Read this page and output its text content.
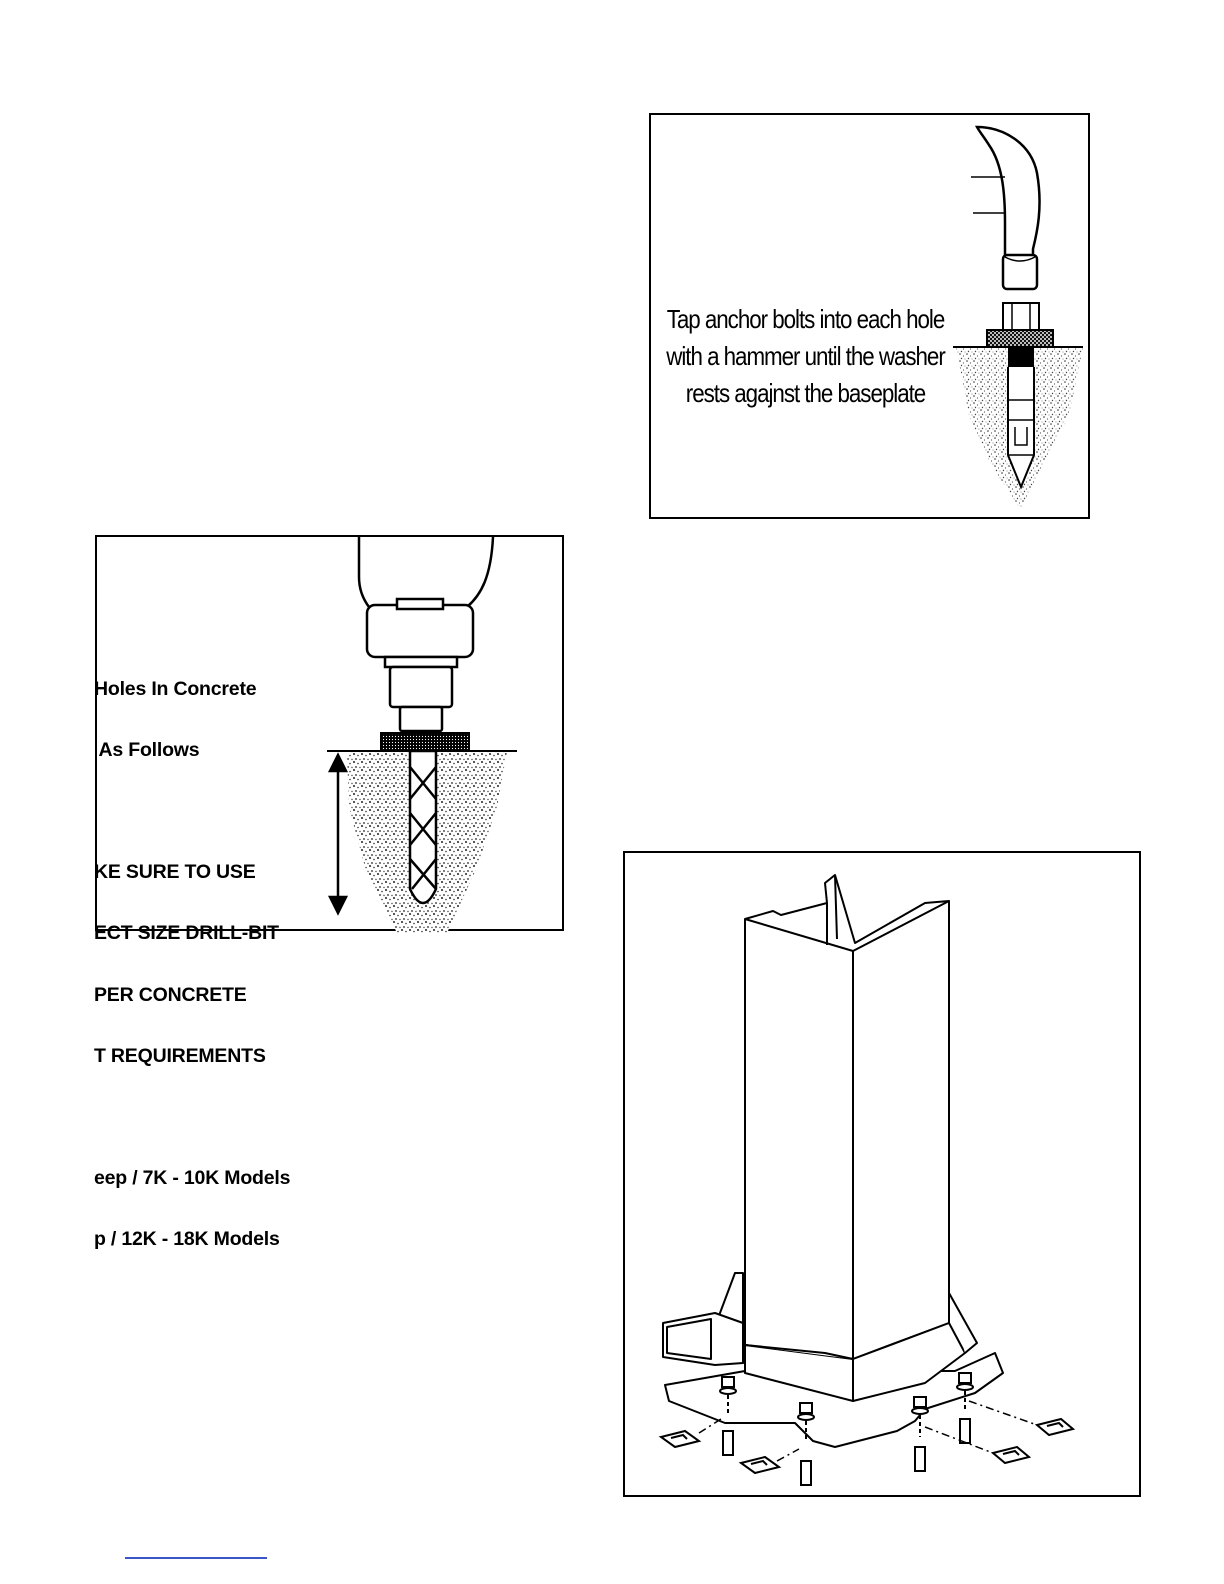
Tap anchor bolts into each hole
with a hammer until the washer
rests agajnst the baseplate

Holes In Concrete

As Follows

KE SURE TO USE

ECT SIZE DRILL-BIT

PER CONCRETE

T REQUIREMENTS

eep / 7K - 10K Models

p / 12K - 18K Models
